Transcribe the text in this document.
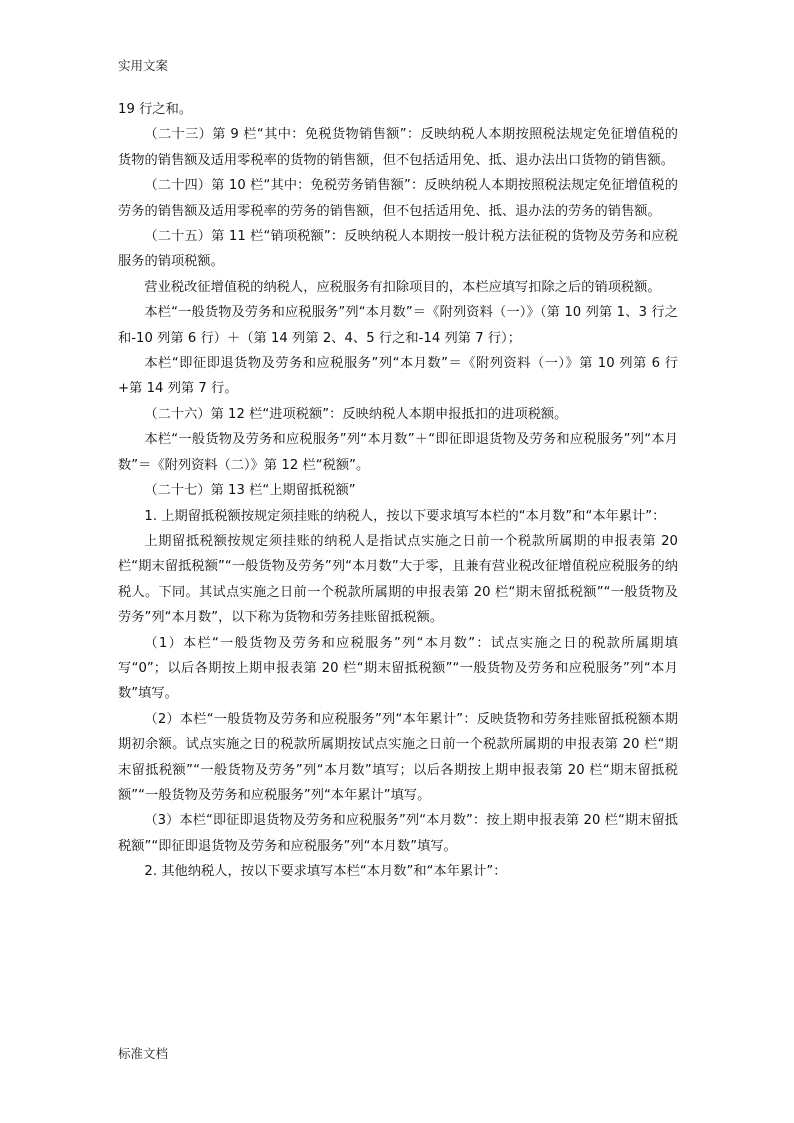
实用文案

19 行之和。

（二十三）第 9 栏“其中：免税货物销售额”：反映纳税人本期按照税法规定免征增值税的货物的销售额及适用零税率的货物的销售额，但不包括适用免、抵、退办法出口货物的销售额。

（二十四）第 10 栏“其中：免税劳务销售额”：反映纳税人本期按照税法规定免征增值税的劳务的销售额及适用零税率的劳务的销售额，但不包括适用免、抵、退办法的劳务的销售额。

（二十五）第 11 栏“销项税额”：反映纳税人本期按一般计税方法征税的货物及劳务和应税服务的销项税额。

营业税改征增值税的纳税人，应税服务有扣除项目的，本栏应填写扣除之后的销项税额。

本栏“一般货物及劳务和应税服务”列“本月数”＝《附列资料（一）》（第 10 列第 1、3 行之和-10 列第 6 行）＋（第 14 列第 2、4、5 行之和-14 列第 7 行）；

本栏“即征即退货物及劳务和应税服务”列“本月数”＝《附列资料（一）》第 10 列第 6 行+第 14 列第 7 行。

（二十六）第 12 栏“进项税额”：反映纳税人本期申报抵扣的进项税额。

本栏“一般货物及劳务和应税服务”列“本月数”＋“即征即退货物及劳务和应税服务”列“本月数”＝《附列资料（二）》第 12 栏“税额”。

（二十七）第 13 栏“上期留抵税额”

1. 上期留抵税额按规定须挂账的纳税人，按以下要求填写本栏的“本月数”和“本年累计”：

上期留抵税额按规定须挂账的纳税人是指试点实施之日前一个税款所属期的申报表第 20 栏“期末留抵税额”“一般货物及劳务”列“本月数”大于零，且兼有营业税改征增值税应税服务的纳税人。下同。其试点实施之日前一个税款所属期的申报表第 20 栏“期末留抵税额”“一般货物及劳务”列“本月数”，以下称为货物和劳务挂账留抵税额。

（1）本栏“一般货物及劳务和应税服务”列“本月数”：试点实施之日的税款所属期填写“0”；以后各期按上期申报表第 20 栏“期末留抵税额”“一般货物及劳务和应税服务”列“本月数”填写。

（2）本栏“一般货物及劳务和应税服务”列“本年累计”：反映货物和劳务挂账留抵税额本期期初余额。试点实施之日的税款所属期按试点实施之日前一个税款所属期的申报表第 20 栏“期末留抵税额”“一般货物及劳务”列“本月数”填写；以后各期按上期申报表第 20 栏“期末留抵税额”“一般货物及劳务和应税服务”列“本年累计”填写。

（3）本栏“即征即退货物及劳务和应税服务”列“本月数”：按上期申报表第 20 栏“期末留抵税额”“即征即退货物及劳务和应税服务”列“本月数”填写。

2. 其他纳税人，按以下要求填写本栏“本月数”和“本年累计”：

标准文档
